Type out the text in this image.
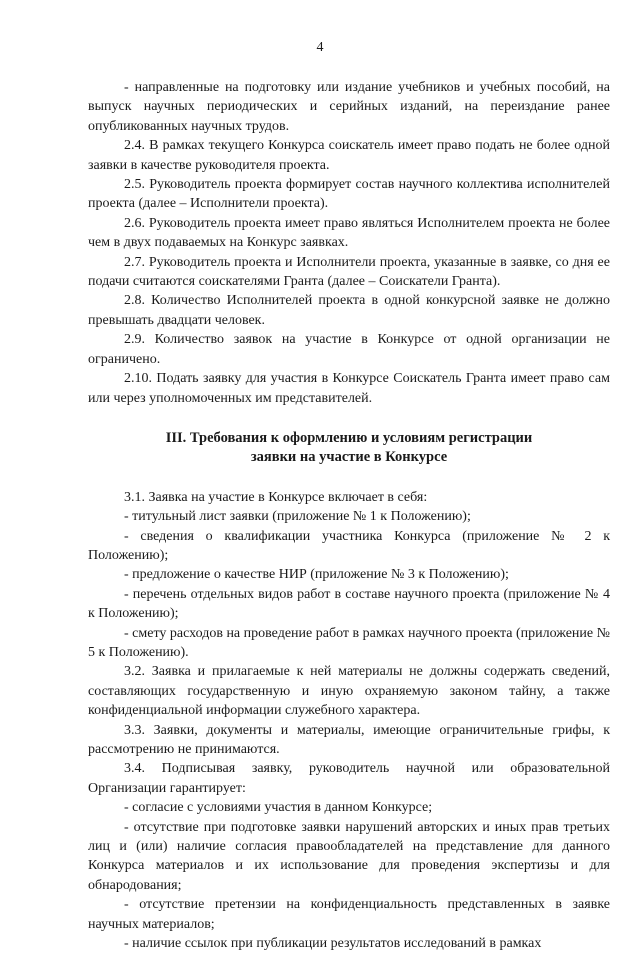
4

- направленные на подготовку или издание учебников и учебных пособий, на выпуск научных периодических и серийных изданий, на переиздание ранее опубликованных научных трудов.

2.4. В рамках текущего Конкурса соискатель имеет право подать не более одной заявки в качестве руководителя проекта.

2.5. Руководитель проекта формирует состав научного коллектива исполнителей проекта (далее – Исполнители проекта).

2.6. Руководитель проекта имеет право являться Исполнителем проекта не более чем в двух подаваемых на Конкурс заявках.

2.7. Руководитель проекта и Исполнители проекта, указанные в заявке, со дня ее подачи считаются соискателями Гранта (далее – Соискатели Гранта).

2.8. Количество Исполнителей проекта в одной конкурсной заявке не должно превышать двадцати человек.

2.9. Количество заявок на участие в Конкурсе от одной организации не ограничено.

2.10. Подать заявку для участия в Конкурсе Соискатель Гранта имеет право сам или через уполномоченных им представителей.

III. Требования к оформлению и условиям регистрации
заявки на участие в Конкурсе

3.1. Заявка на участие в Конкурсе включает в себя:

- титульный лист заявки (приложение № 1 к Положению);

- сведения о квалификации участника Конкурса (приложение № 2 к Положению);

- предложение о качестве НИР (приложение № 3 к Положению);

- перечень отдельных видов работ в составе научного проекта (приложение № 4 к Положению);

- смету расходов на проведение работ в рамках научного проекта (приложение № 5 к Положению).

3.2. Заявка и прилагаемые к ней материалы не должны содержать сведений, составляющих государственную и иную охраняемую законом тайну, а также конфиденциальной информации служебного характера.

3.3. Заявки, документы и материалы, имеющие ограничительные грифы, к рассмотрению не принимаются.

3.4. Подписывая заявку, руководитель научной или образовательной Организации гарантирует:

- согласие с условиями участия в данном Конкурсе;

- отсутствие при подготовке заявки нарушений авторских и иных прав третьих лиц и (или) наличие согласия правообладателей на представление для данного Конкурса материалов и их использование для проведения экспертизы и для обнародования;

- отсутствие претензии на конфиденциальность представленных в заявке научных материалов;

- наличие ссылок при публикации результатов исследований в рамках
